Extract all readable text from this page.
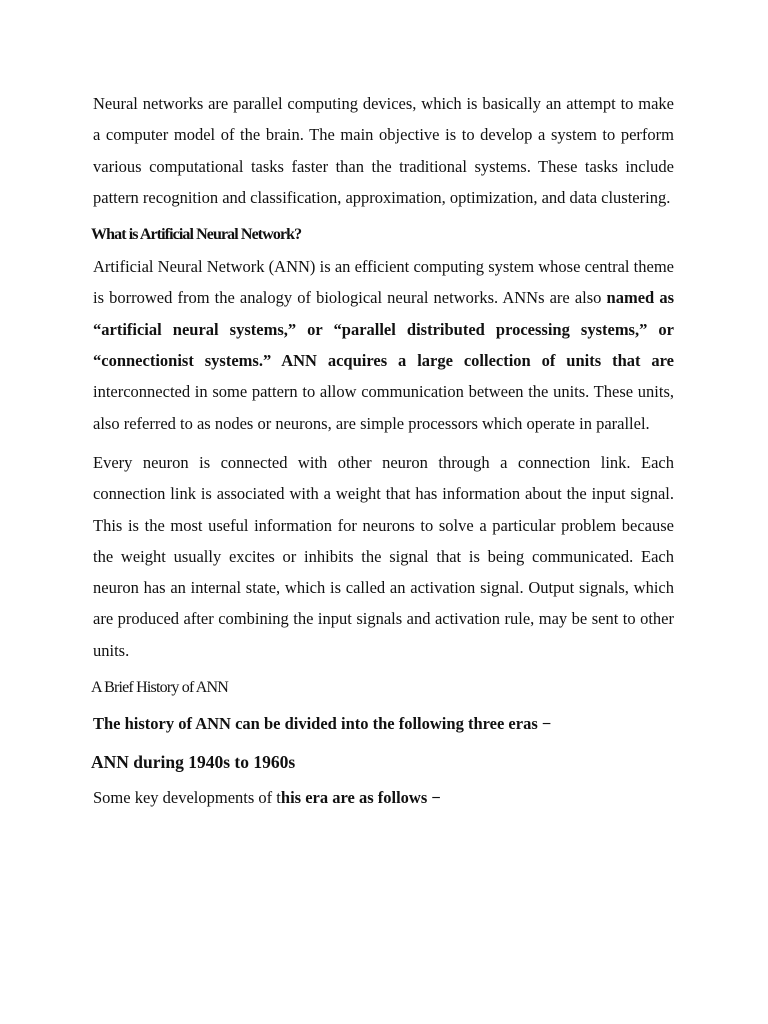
Neural networks are parallel computing devices, which is basically an attempt to make a computer model of the brain. The main objective is to develop a system to perform various computational tasks faster than the traditional systems. These tasks include pattern recognition and classification, approximation, optimization, and data clustering.

What is Artificial Neural Network?

Artificial Neural Network (ANN) is an efficient computing system whose central theme is borrowed from the analogy of biological neural networks. ANNs are also named as “artificial neural systems,” or “parallel distributed processing systems,” or “connectionist systems.” ANN acquires a large collection of units that are interconnected in some pattern to allow communication between the units. These units, also referred to as nodes or neurons, are simple processors which operate in parallel.

Every neuron is connected with other neuron through a connection link. Each connection link is associated with a weight that has information about the input signal. This is the most useful information for neurons to solve a particular problem because the weight usually excites or inhibits the signal that is being communicated. Each neuron has an internal state, which is called an activation signal. Output signals, which are produced after combining the input signals and activation rule, may be sent to other units.

A Brief History of ANN
The history of ANN can be divided into the following three eras −
ANN during 1940s to 1960s
Some key developments of this era are as follows −
